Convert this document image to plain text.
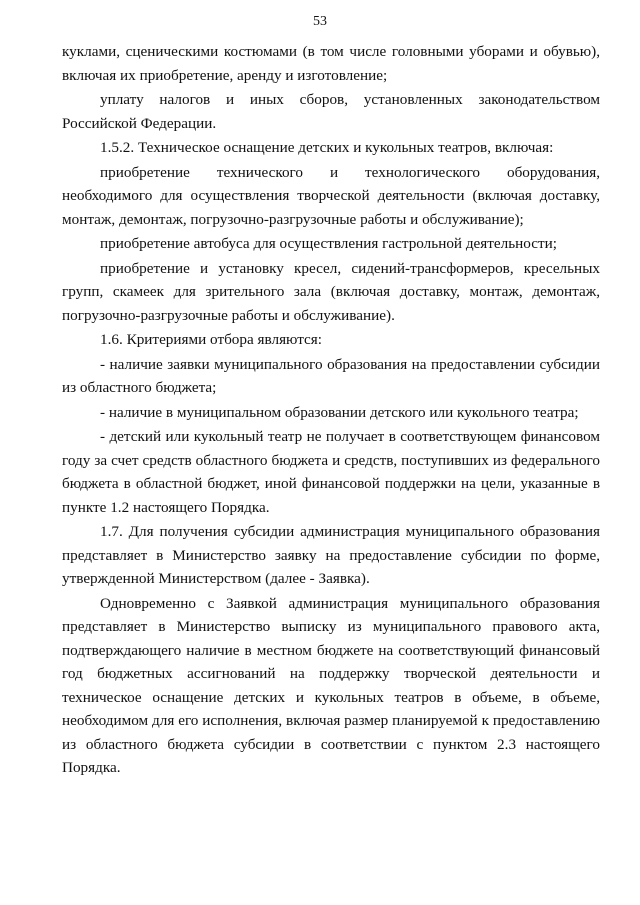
53

куклами, сценическими костюмами (в том числе головными уборами и обувью), включая их приобретение, аренду и изготовление;

уплату налогов и иных сборов, установленных законодательством Российской Федерации.

1.5.2. Техническое оснащение детских и кукольных театров, включая:

приобретение технического и технологического оборудования, необходимого для осуществления творческой деятельности (включая доставку, монтаж, демонтаж, погрузочно-разгрузочные работы и обслуживание);

приобретение автобуса для осуществления гастрольной деятельности;

приобретение и установку кресел, сидений-трансформеров, кресельных групп, скамеек для зрительного зала (включая доставку, монтаж, демонтаж, погрузочно-разгрузочные работы и обслуживание).

1.6. Критериями отбора являются:

- наличие заявки муниципального образования на предоставлении субсидии из областного бюджета;

- наличие в муниципальном образовании детского или кукольного театра;

- детский или кукольный театр не получает в соответствующем финансовом году за счет средств областного бюджета и средств, поступивших из федерального бюджета в областной бюджет, иной финансовой поддержки на цели, указанные в пункте 1.2 настоящего Порядка.

1.7. Для получения субсидии администрация муниципального образования представляет в Министерство заявку на предоставление субсидии по форме, утвержденной Министерством (далее - Заявка).

Одновременно с Заявкой администрация муниципального образования представляет в Министерство выписку из муниципального правового акта, подтверждающего наличие в местном бюджете на соответствующий финансовый год бюджетных ассигнований на поддержку творческой деятельности и техническое оснащение детских и кукольных театров в объеме, в объеме, необходимом для его исполнения, включая размер планируемой к предоставлению из областного бюджета субсидии в соответствии с пунктом 2.3 настоящего Порядка.
